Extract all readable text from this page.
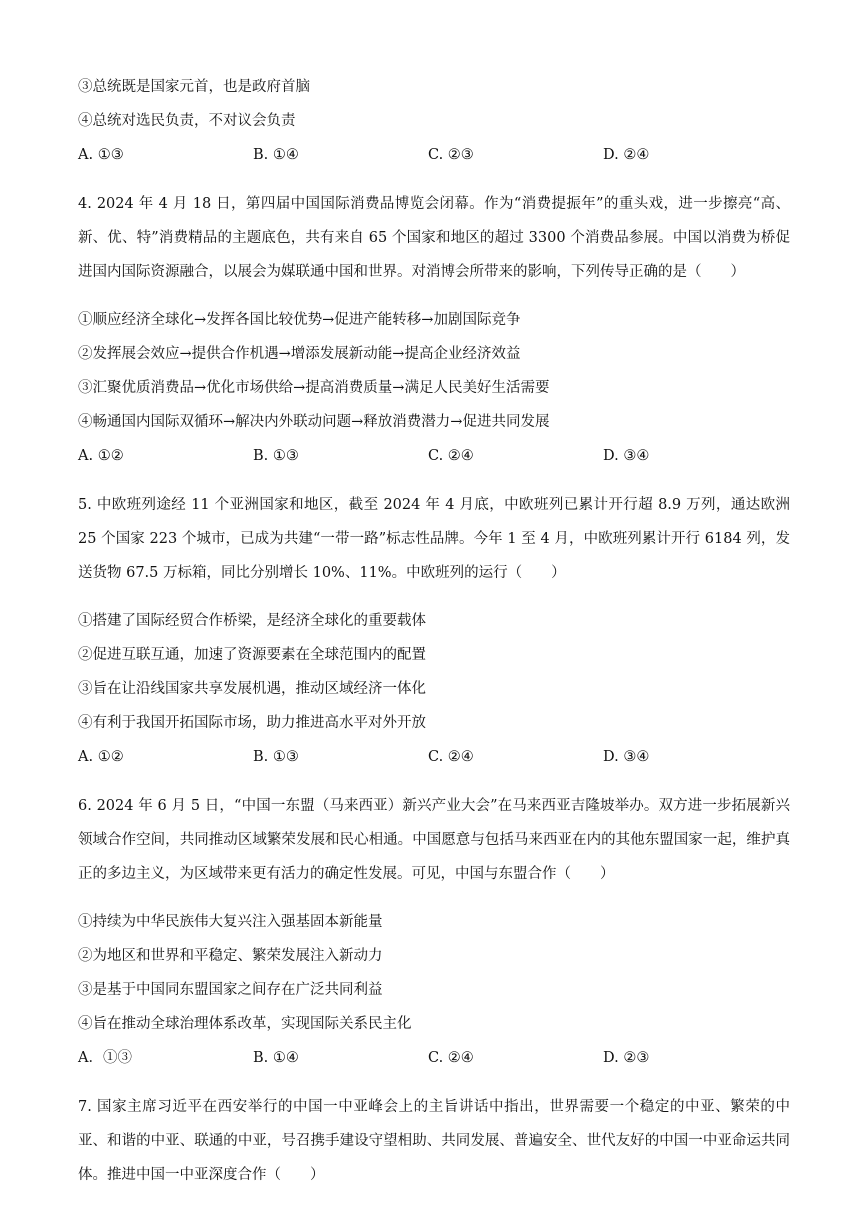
③总统既是国家元首，也是政府首脑

④总统对选民负责，不对议会负责

A. ①③	B. ①④	C. ②③	D. ②④

4. 2024 年 4 月 18 日，第四届中国国际消费品博览会闭幕。作为“消费提振年”的重头戏，进一步擦亮“高、新、优、特”消费精品的主题底色，共有来自 65 个国家和地区的超过 3300 个消费品参展。中国以消费为桥促进国内国际资源融合，以展会为媒联通中国和世界。对消博会所带来的影响，下列传导正确的是（　　）

①顺应经济全球化→发挥各国比较优势→促进产能转移→加剧国际竞争

②发挥展会效应→提供合作机遇→增添发展新动能→提高企业经济效益

③汇聚优质消费品→优化市场供给→提高消费质量→满足人民美好生活需要

④畅通国内国际双循环→解决内外联动问题→释放消费潜力→促进共同发展

A. ①②	B. ①③	C. ②④	D. ③④

5. 中欧班列途经 11 个亚洲国家和地区，截至 2024 年 4 月底，中欧班列已累计开行超 8.9 万列，通达欧洲 25 个国家 223 个城市，已成为共建“一带一路”标志性品牌。今年 1 至 4 月，中欧班列累计开行 6184 列，发送货物 67.5 万标箱，同比分别增长 10%、11%。中欧班列的运行（　　）

①搭建了国际经贸合作桥梁，是经济全球化的重要载体

②促进互联互通，加速了资源要素在全球范围内的配置

③旨在让沿线国家共享发展机遇，推动区域经济一体化

④有利于我国开拓国际市场，助力推进高水平对外开放

A. ①②	B. ①③	C. ②④	D. ③④

6. 2024 年 6 月 5 日，“中国一东盟（马来西亚）新兴产业大会”在马来西亚吉隆坡举办。双方进一步拓展新兴领域合作空间，共同推动区域繁荣发展和民心相通。中国愿意与包括马来西亚在内的其他东盟国家一起，维护真正的多边主义，为区域带来更有活力的确定性发展。可见，中国与东盟合作（　　）

①持续为中华民族伟大复兴注入强基固本新能量

②为地区和世界和平稳定、繁荣发展注入新动力

③是基于中国同东盟国家之间存在广泛共同利益

④旨在推动全球治理体系改革，实现国际关系民主化

A．①③	B. ①④	C. ②④	D. ②③

7. 国家主席习近平在西安举行的中国一中亚峰会上的主旨讲话中指出，世界需要一个稳定的中亚、繁荣的中亚、和谐的中亚、联通的中亚，号召携手建设守望相助、共同发展、普遍安全、世代友好的中国一中亚命运共同体。推进中国一中亚深度合作（　　）
